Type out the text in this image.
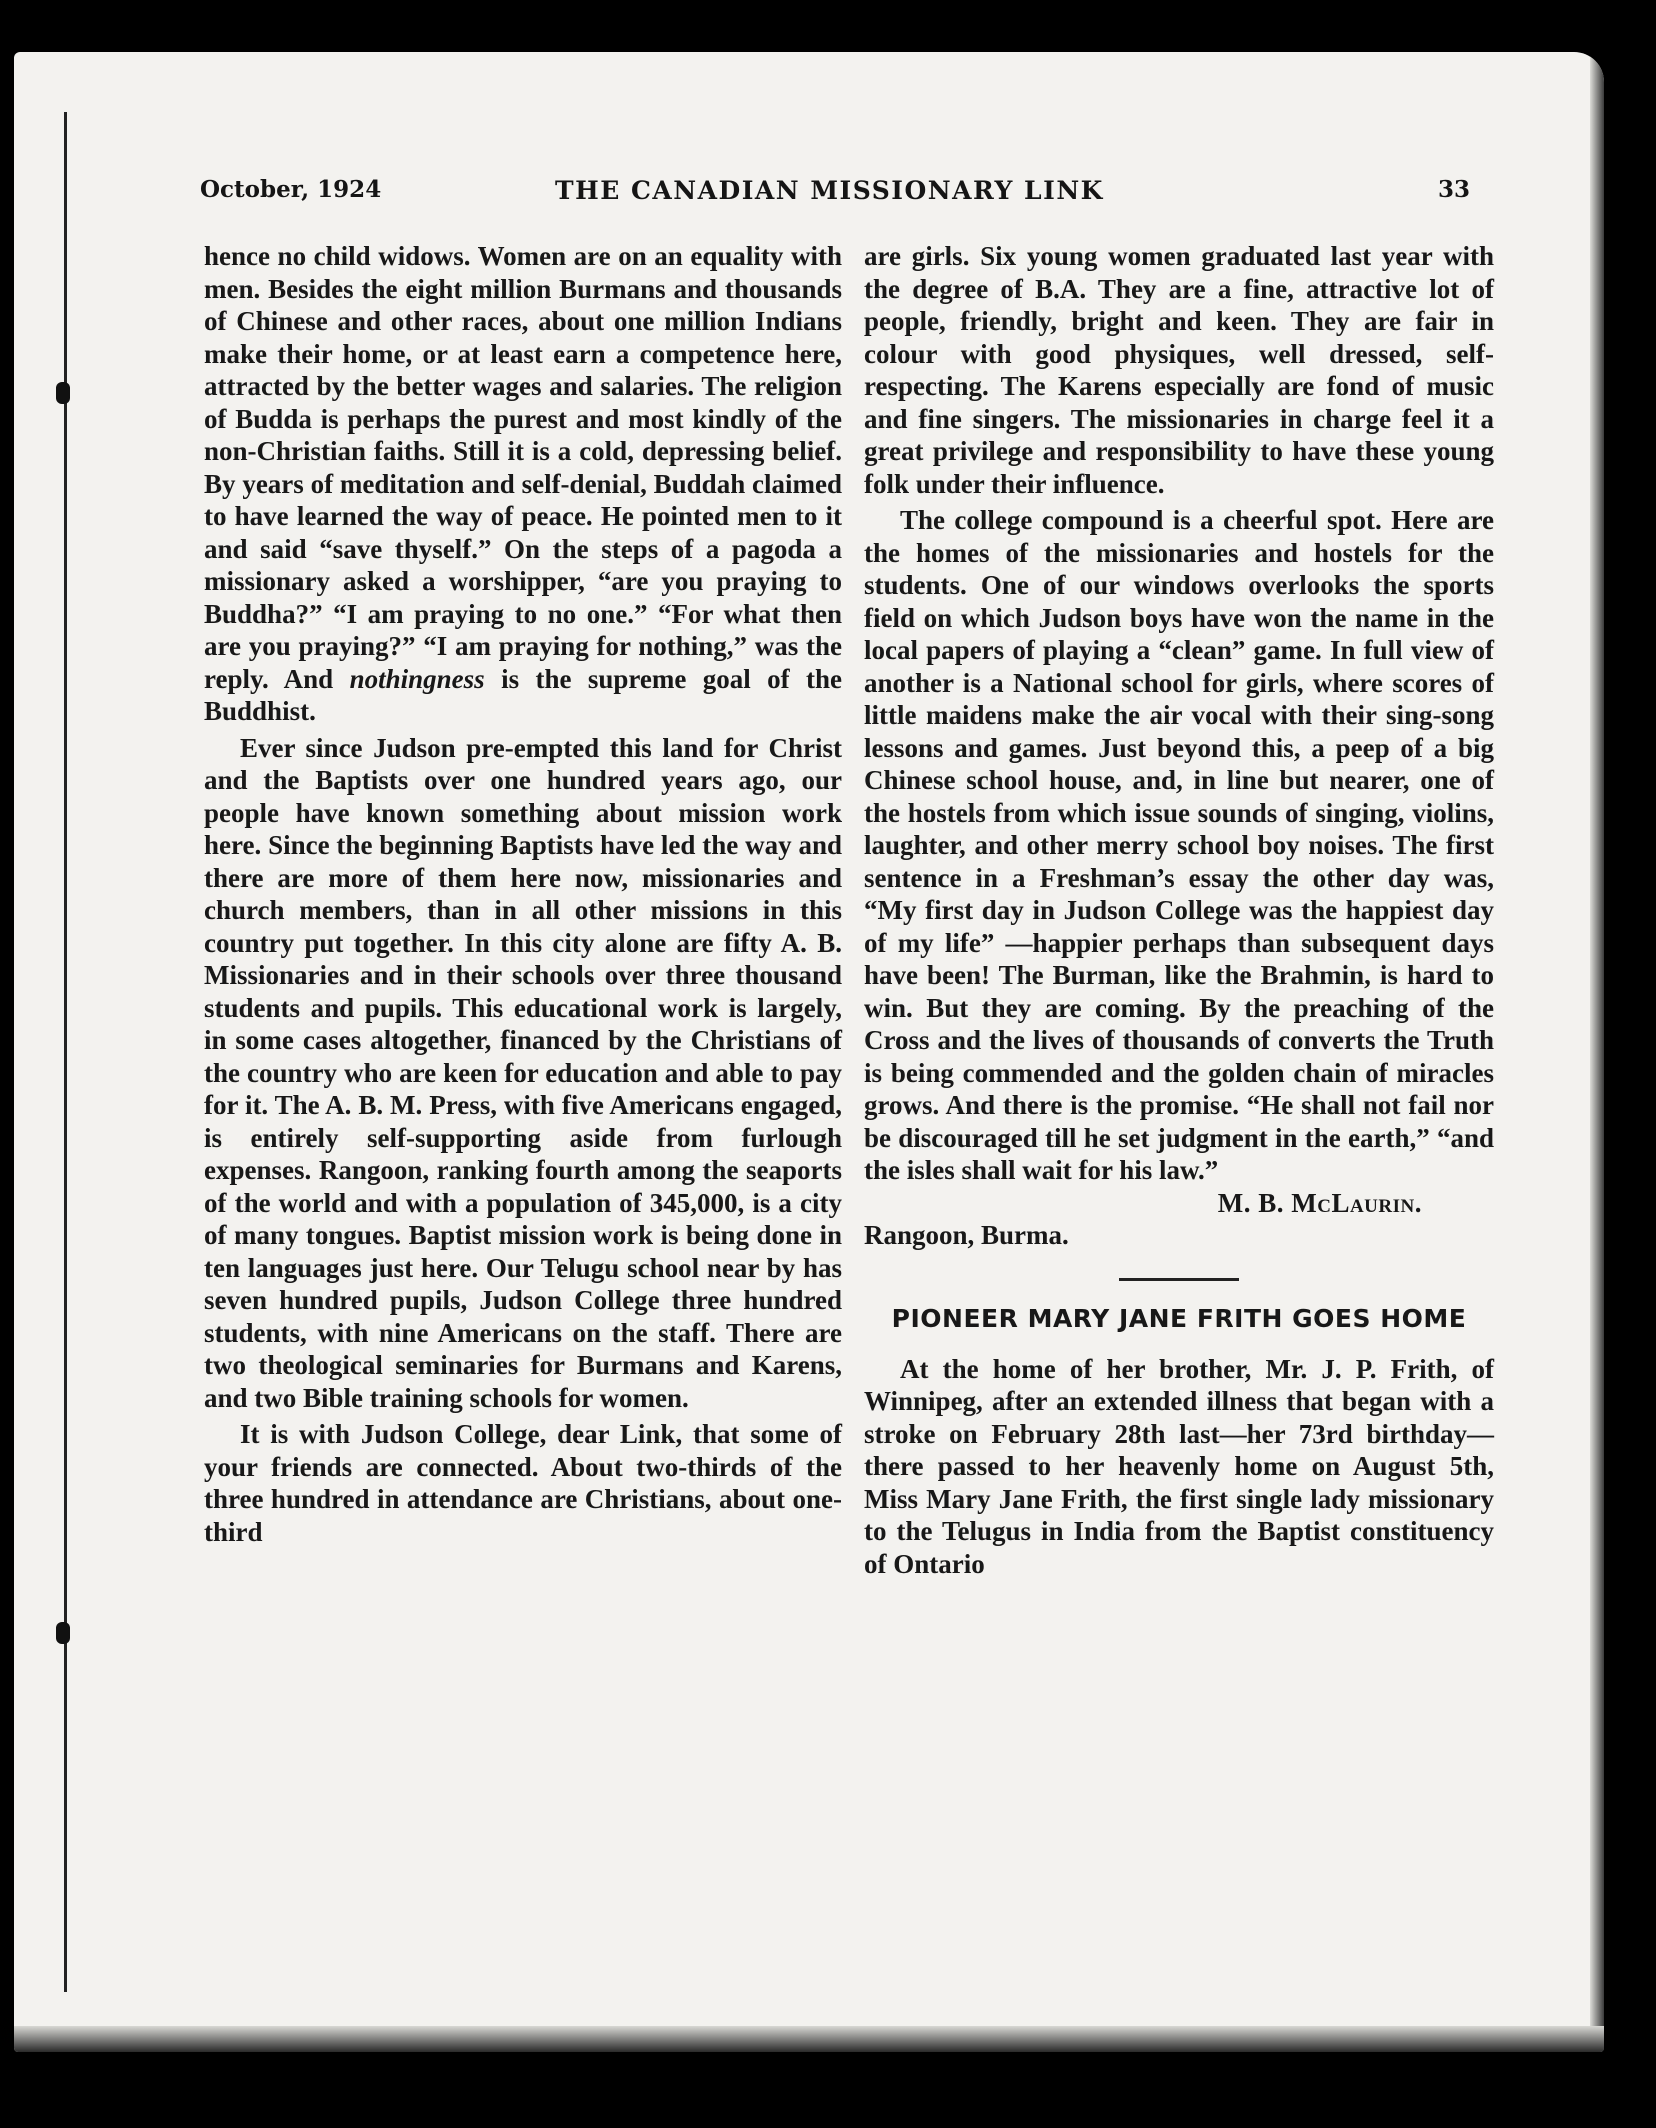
October, 1924	THE CANADIAN MISSIONARY LINK	33

hence no child widows. Women are on an equality with men. Besides the eight million Burmans and thousands of Chinese and other races, about one million Indians make their home, or at least earn a competence here, attracted by the better wages and salaries. The religion of Budda is perhaps the purest and most kindly of the non-Christian faiths. Still it is a cold, depressing belief. By years of meditation and self-denial, Buddah claimed to have learned the way of peace. He pointed men to it and said “save thyself.” On the steps of a pagoda a missionary asked a worshipper, “are you praying to Buddha?” “I am praying to no one.” “For what then are you praying?” “I am praying for nothing,” was the reply. And nothingness is the supreme goal of the Buddhist.

Ever since Judson pre-empted this land for Christ and the Baptists over one hundred years ago, our people have known something about mission work here. Since the beginning Baptists have led the way and there are more of them here now, missionaries and church members, than in all other missions in this country put together. In this city alone are fifty A. B. Missionaries and in their schools over three thousand students and pupils. This educational work is largely, in some cases altogether, financed by the Christians of the country who are keen for education and able to pay for it. The A. B. M. Press, with five Americans engaged, is entirely self-supporting aside from furlough expenses. Rangoon, ranking fourth among the seaports of the world and with a population of 345,000, is a city of many tongues. Baptist mission work is being done in ten languages just here. Our Telugu school near by has seven hundred pupils, Judson College three hundred students, with nine Americans on the staff. There are two theological seminaries for Burmans and Karens, and two Bible training schools for women.

It is with Judson College, dear Link, that some of your friends are connected. About two-thirds of the three hundred in attendance are Christians, about one-third

are girls. Six young women graduated last year with the degree of B.A. They are a fine, attractive lot of people, friendly, bright and keen. They are fair in colour with good physiques, well dressed, self-respecting. The Karens especially are fond of music and fine singers. The missionaries in charge feel it a great privilege and responsibility to have these young folk under their influence.

The college compound is a cheerful spot. Here are the homes of the missionaries and hostels for the students. One of our windows overlooks the sports field on which Judson boys have won the name in the local papers of playing a “clean” game. In full view of another is a National school for girls, where scores of little maidens make the air vocal with their sing-song lessons and games. Just beyond this, a peep of a big Chinese school house, and, in line but nearer, one of the hostels from which issue sounds of singing, violins, laughter, and other merry school boy noises. The first sentence in a Freshman’s essay the other day was, “My first day in Judson College was the happiest day of my life” —happier perhaps than subsequent days have been! The Burman, like the Brahmin, is hard to win. But they are coming. By the preaching of the Cross and the lives of thousands of converts the Truth is being commended and the golden chain of miracles grows. And there is the promise. “He shall not fail nor be discouraged till he set judgment in the earth,” “and the isles shall wait for his law.”

M. B. McLaurin.

Rangoon, Burma.

PIONEER MARY JANE FRITH GOES HOME

At the home of her brother, Mr. J. P. Frith, of Winnipeg, after an extended illness that began with a stroke on February 28th last—her 73rd birthday—there passed to her heavenly home on August 5th, Miss Mary Jane Frith, the first single lady missionary to the Telugus in India from the Baptist constituency of Ontario
